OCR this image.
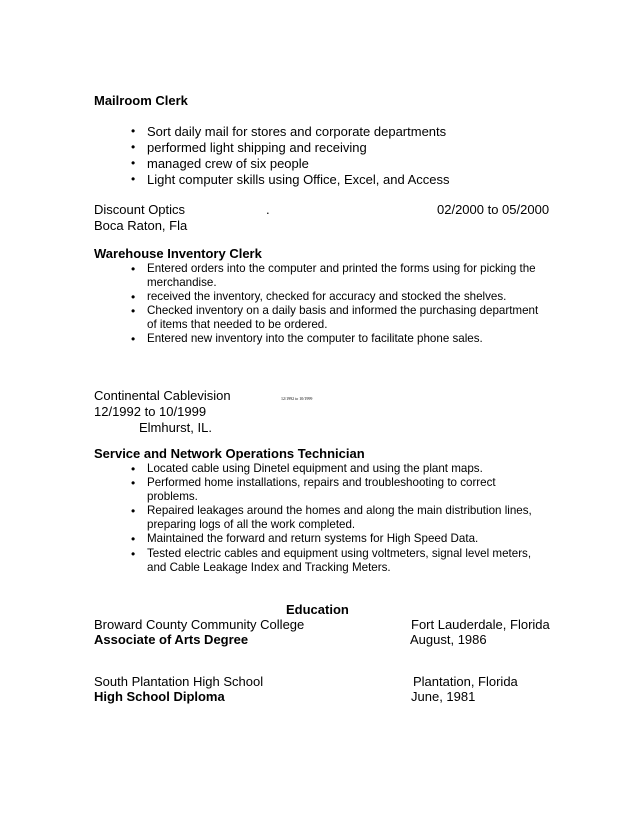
Mailroom Clerk
• Sort daily mail for stores and corporate departments
• performed light shipping and receiving
• managed crew of six people
• Light computer skills using Office, Excel, and Access
Discount Optics	.	02/2000 to 05/2000
Boca Raton, Fla
Warehouse Inventory Clerk
• Entered orders into the computer and printed the forms using for picking the
merchandise.
• received the inventory, checked for accuracy and stocked the shelves.
• Checked inventory on a daily basis and informed the purchasing department
of items that needed to be ordered.
• Entered new inventory into the computer to facilitate phone sales.
Continental Cablevision	12/1992 to 10/1999
12/1992 to 10/1999
Elmhurst, IL.
Service and Network Operations Technician
• Located cable using Dinetel equipment and using the plant maps.
• Performed home installations, repairs and troubleshooting to correct
problems.
• Repaired leakages around the homes and along the main distribution lines,
preparing logs of all the work completed.
• Maintained the forward and return systems for High Speed Data.
• Tested electric cables and equipment using voltmeters, signal level meters,
and Cable Leakage Index and Tracking Meters.
Education
Broward County Community College	Fort Lauderdale, Florida
Associate of Arts Degree	August, 1986
South Plantation High School	Plantation, Florida
High School Diploma	June, 1981
